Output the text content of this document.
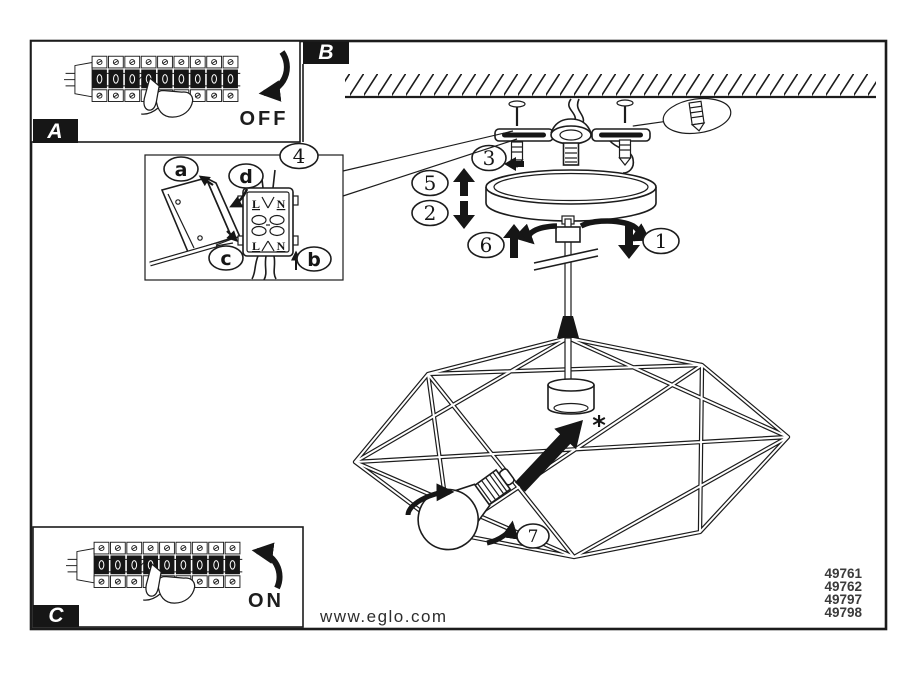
OFF
A
B
3
5
2
6	1
*
7
L N
L N
a	d
c	b
4
ON
C	www.eglo.com
49761
49762
49797
49798
